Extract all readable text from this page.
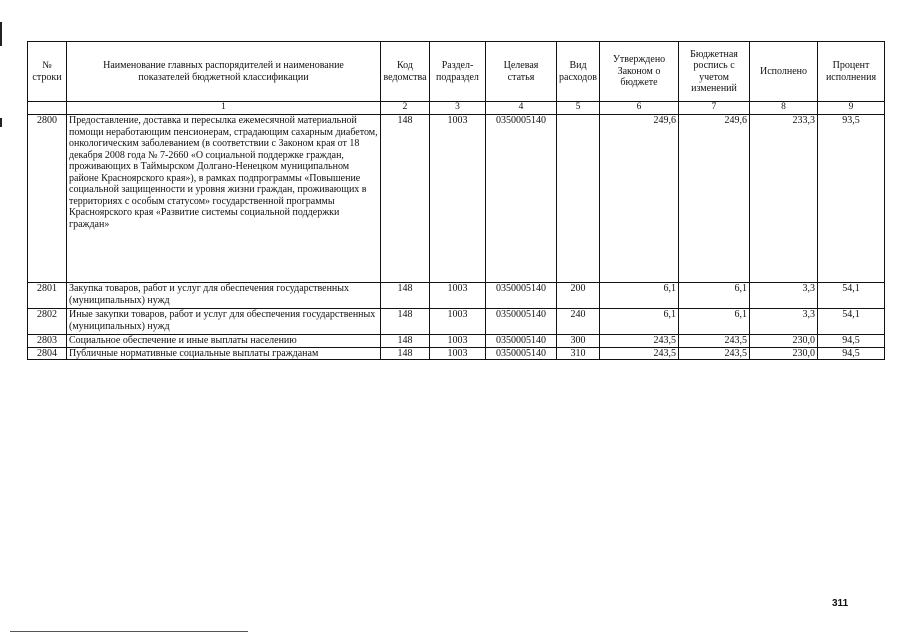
№ строки	Наименование главных распорядителей и наименование показателей бюджетной классификации	Код ведомства	Раздел-подраздел	Целевая статья	Вид расходов	Утверждено Законом о бюджете	Бюджетная роспись с учетом изменений	Исполнено	Процент исполнения
	1	2	3	4	5	6	7	8	9
2800	Предоставление, доставка и пересылка ежемесячной материальной помощи неработающим пенсионерам, страдающим сахарным диабетом, онкологическим заболеванием (в соответствии с Законом края от 18 декабря 2008 года № 7-2660 «О социальной поддержке граждан, проживающих в Таймырском Долгано-Ненецком муниципальном районе Красноярского края»), в рамках подпрограммы «Повышение социальной защищенности и уровня жизни граждан, проживающих в территориях с особым статусом» государственной программы Красноярского края «Развитие системы социальной поддержки граждан»	148	1003	0350005140		249,6	249,6	233,3	93,5
2801	Закупка товаров, работ и услуг для обеспечения государственных (муниципальных) нужд	148	1003	0350005140	200	6,1	6,1	3,3	54,1
2802	Иные закупки товаров, работ и услуг для обеспечения государственных (муниципальных) нужд	148	1003	0350005140	240	6,1	6,1	3,3	54,1
2803	Социальное обеспечение и иные выплаты населению	148	1003	0350005140	300	243,5	243,5	230,0	94,5
2804	Публичные нормативные социальные выплаты гражданам	148	1003	0350005140	310	243,5	243,5	230,0	94,5
311
